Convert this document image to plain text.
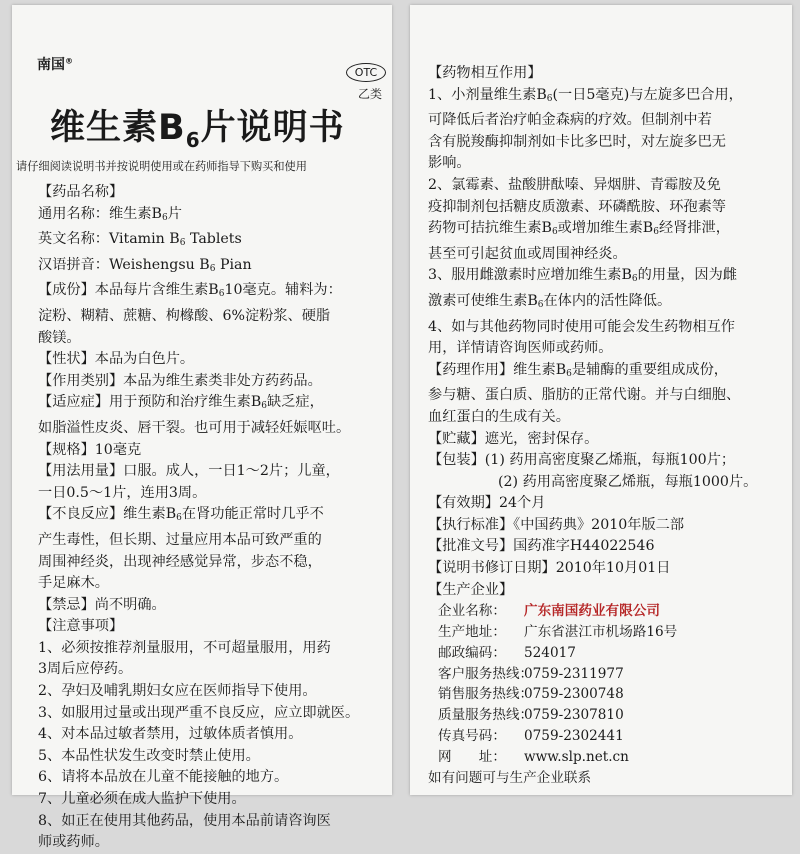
南国®
OTC
乙类
维生素$B_6$片说明书
请仔细阅读说明书并按说明使用或在药师指导下购买和使用

【药品名称】

通用名称：维生素$B_6$片

英文名称：Vitamin $B_6$ Tablets

汉语拼音：Weishengsu $B_6$ Pian

【成份】本品每片含维生素$B_610$毫克。辅料为：

淀粉、糊精、蔗糖、枸橼酸、6%淀粉浆、硬脂

酸镁。

【性状】本品为白色片。

【作用类别】本品为维生素类非处方药药品。

【适应症】用于预防和治疗维生素$B_6$缺乏症，

如脂溢性皮炎、唇干裂。也可用于减轻妊娠呕吐。

【规格】10毫克

【用法用量】口服。成人，一日1～2片；儿童，

一日0.5～1片，连用3周。

【不良反应】维生素$B_6$在肾功能正常时几乎不

产生毒性，但长期、过量应用本品可致严重的

周围神经炎，出现神经感觉异常，步态不稳，

手足麻木。

【禁忌】尚不明确。

【注意事项】

1、必须按推荐剂量服用，不可超量服用，用药

3周后应停药。

2、孕妇及哺乳期妇女应在医师指导下使用。

3、如服用过量或出现严重不良反应，应立即就医。

4、对本品过敏者禁用，过敏体质者慎用。

5、本品性状发生改变时禁止使用。

6、请将本品放在儿童不能接触的地方。

7、儿童必须在成人监护下使用。

8、如正在使用其他药品，使用本品前请咨询医

师或药师。

【药物相互作用】

1、小剂量维生素$B_6$(一日5毫克)与左旋多巴合用，

可降低后者治疗帕金森病的疗效。但制剂中若

含有脱羧酶抑制剂如卡比多巴时，对左旋多巴无

影响。

2、氯霉素、盐酸肼酞嗪、异烟肼、青霉胺及免

疫抑制剂包括糖皮质激素、环磷酰胺、环孢素等

药物可拮抗维生素$B_6$或增加维生素$B_6$经肾排泄，

甚至可引起贫血或周围神经炎。

3、服用雌激素时应增加维生素$B_6$的用量，因为雌

激素可使维生素$B_6$在体内的活性降低。

4、如与其他药物同时使用可能会发生药物相互作

用，详情请咨询医师或药师。

【药理作用】维生素$B_6$是辅酶的重要组成成份，

参与糖、蛋白质、脂肪的正常代谢。并与白细胞、

血红蛋白的生成有关。

【贮藏】遮光，密封保存。

【包装】(1) 药用高密度聚乙烯瓶，每瓶100片；

(2) 药用高密度聚乙烯瓶，每瓶1000片。

【有效期】24个月

【执行标准】《中国药典》2010年版二部

【批准文号】国药准字H44022546

【说明书修订日期】2010年10月01日

【生产企业】

企业名称：	广东南国药业有限公司
生产地址：	广东省湛江市机场路16号
邮政编码：	524017
客户服务热线：
0759-2311977
销售服务热线：
0759-2300748
质量服务热线：
0759-2307810
传真号码：	0759-2302441
网　　址：	www.slp.net.cn

如有问题可与生产企业联系
